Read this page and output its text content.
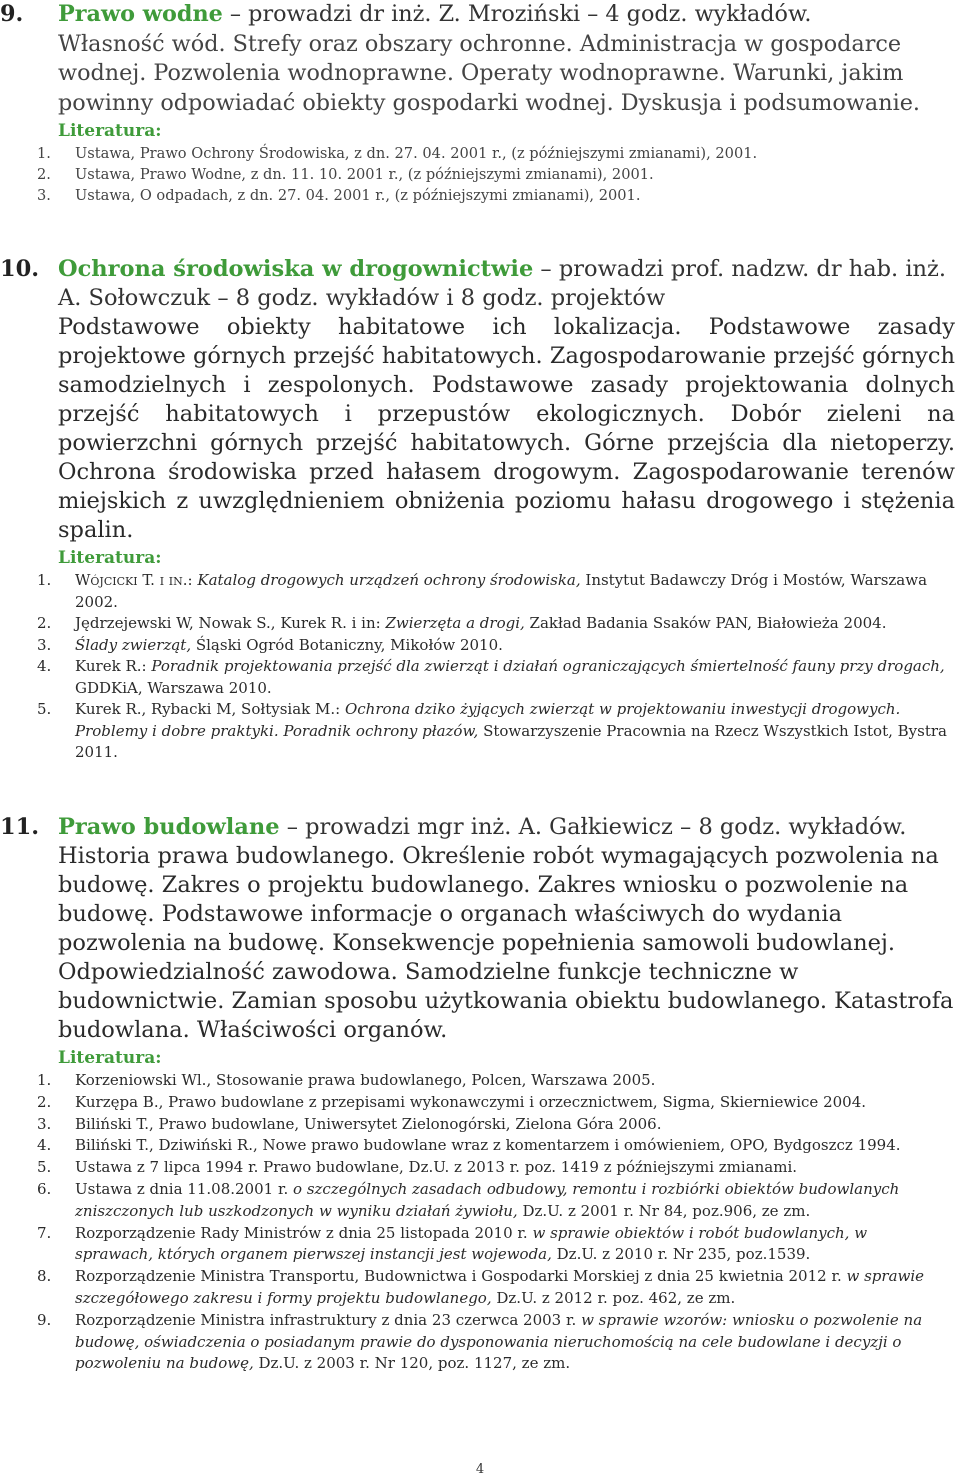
9. Prawo wodne – prowadzi dr inż. Z. Mroziński – 4 godz. wykładów.
Własność wód. Strefy oraz obszary ochronne. Administracja w gospodarce wodnej. Pozwolenia wodnoprawne. Operaty wodnoprawne. Warunki, jakim powinny odpowiadać obiekty gospodarki wodnej. Dyskusja i podsumowanie.
Literatura:
1. Ustawa, Prawo Ochrony Środowiska, z dn. 27. 04. 2001 r., (z późniejszymi zmianami), 2001.
2. Ustawa, Prawo Wodne, z dn. 11. 10. 2001 r., (z późniejszymi zmianami), 2001.
3. Ustawa, O odpadach, z dn. 27. 04. 2001 r., (z późniejszymi zmianami), 2001.
10. Ochrona środowiska w drogownictwie – prowadzi prof. nadzw. dr hab. inż. A. Sołowczuk – 8 godz. wykładów i 8 godz. projektów
Podstawowe obiekty habitatowe ich lokalizacja. Podstawowe zasady projektowe górnych przejść habitatowych. Zagospodarowanie przejść górnych samodzielnych i zespolonych. Podstawowe zasady projektowania dolnych przejść habitatowych i przepustów ekologicznych. Dobór zieleni na powierzchni górnych przejść habitatowych. Górne przejścia dla nietoperzy. Ochrona środowiska przed hałasem drogowym. Zagospodarowanie terenów miejskich z uwzględnieniem obniżenia poziomu hałasu drogowego i stężenia spalin.
Literatura:
1. Wójcicki T. i in.: Katalog drogowych urządzeń ochrony środowiska, Instytut Badawczy Dróg i Mostów, Warszawa 2002.
2. Jędrzejewski W, Nowak S., Kurek R. i in: Zwierzęta a drogi, Zakład Badania Ssaków PAN, Białowieża 2004.
3. Ślady zwierząt, Śląski Ogród Botaniczny, Mikołów 2010.
4. Kurek R.: Poradnik projektowania przejść dla zwierząt i działań ograniczających śmiertelność fauny przy drogach, GDDKiA, Warszawa 2010.
5. Kurek R., Rybacki M, Sołtysiak M.: Ochrona dziko żyjących zwierząt w projektowaniu inwestycji drogowych. Problemy i dobre praktyki. Poradnik ochrony płazów, Stowarzyszenie Pracownia na Rzecz Wszystkich Istot, Bystra 2011.
11. Prawo budowlane – prowadzi mgr inż. A. Gałkiewicz – 8 godz. wykładów.
Historia prawa budowlanego. Określenie robót wymagających pozwolenia na budowę. Zakres o projektu budowlanego. Zakres wniosku o pozwolenie na budowę. Podstawowe informacje o organach właściwych do wydania pozwolenia na budowę. Konsekwencje popełnienia samowoli budowlanej. Odpowiedzialność zawodowa. Samodzielne funkcje techniczne w budownictwie. Zamian sposobu użytkowania obiektu budowlanego. Katastrofa budowlana. Właściwości organów.
Literatura:
1. Korzeniowski Wl., Stosowanie prawa budowlanego, Polcen, Warszawa 2005.
2. Kurzępa B., Prawo budowlane z przepisami wykonawczymi i orzecznictwem, Sigma, Skierniewice 2004.
3. Biliński T., Prawo budowlane, Uniwersytet Zielonogórski, Zielona Góra 2006.
4. Biliński T., Dziwiński R., Nowe prawo budowlane wraz z komentarzem i omówieniem, OPO, Bydgoszcz 1994.
5. Ustawa z 7 lipca 1994 r. Prawo budowlane, Dz.U. z 2013 r. poz. 1419 z późniejszymi zmianami.
6. Ustawa z dnia 11.08.2001 r. o szczególnych zasadach odbudowy, remontu i rozbiórki obiektów budowlanych zniszczonych lub uszkodzonych w wyniku działań żywiołu, Dz.U. z 2001 r. Nr 84, poz.906, ze zm.
7. Rozporządzenie Rady Ministrów z dnia 25 listopada 2010 r. w sprawie obiektów i robót budowlanych, w sprawach, których organem pierwszej instancji jest wojewoda, Dz.U. z 2010 r. Nr 235, poz.1539.
8. Rozporządzenie Ministra Transportu, Budownictwa i Gospodarki Morskiej z dnia 25 kwietnia 2012 r. w sprawie szczegółowego zakresu i formy projektu budowlanego, Dz.U. z 2012 r. poz. 462, ze zm.
9. Rozporządzenie Ministra infrastruktury z dnia 23 czerwca 2003 r. w sprawie wzorów: wniosku o pozwolenie na budowę, oświadczenia o posiadanym prawie do dysponowania nieruchomością na cele budowlane i decyzji o pozwoleniu na budowę, Dz.U. z 2003 r. Nr 120, poz. 1127, ze zm.
4
